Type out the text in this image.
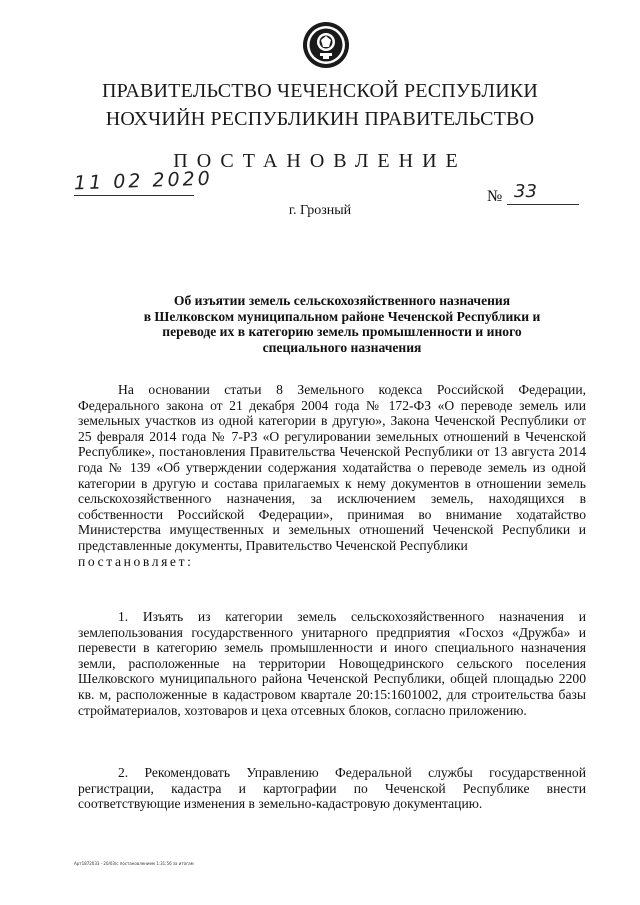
ПРАВИТЕЛЬСТВО ЧЕЧЕНСКОЙ РЕСПУБЛИКИ
НОХЧИЙН РЕСПУБЛИКИН ПРАВИТЕЛЬСТВО
ПОСТАНОВЛЕНИЕ
11 02 2020
№ 33
г. Грозный
Об изъятии земель сельскохозяйственного назначения
в Шелковском муниципальном районе Чеченской Республики и
переводе их в категорию земель промышленности и иного
специального назначения

На основании статьи 8 Земельного кодекса Российской Федерации, Федерального закона от 21 декабря 2004 года № 172-ФЗ «О переводе земель или земельных участков из одной категории в другую», Закона Чеченской Республики от 25 февраля 2014 года № 7-РЗ «О регулировании земельных отношений в Чеченской Республике», постановления Правительства Чеченской Республики от 13 августа 2014 года № 139 «Об утверждении содержания ходатайства о переводе земель из одной категории в другую и состава прилагаемых к нему документов в отношении земель сельскохозяйственного назначения, за исключением земель, находящихся в собственности Российской Федерации», принимая во внимание ходатайство Министерства имущественных и земельных отношений Чеченской Республики и представленные документы, Правительство Чеченской Республики

постановляет:

1. Изъять из категории земель сельскохозяйственного назначения и землепользования государственного унитарного предприятия «Госхоз «Дружба» и перевести в категорию земель промышленности и иного специального назначения земли, расположенные на территории Новощедринского сельского поселения Шелковского муниципального района Чеченской Республики, общей площадью 2200 кв. м, расположенные в кадастровом квартале 20:15:1601002, для строительства базы стройматериалов, хозтоваров и цеха отсевных блоков, согласно приложению.

2. Рекомендовать Управлению Федеральной службы государственной регистрации, кадастра и картографии по Чеченской Республике внести соответствующие изменения в земельно-кадастровую документацию.

Арт1872033 - 20/03/с постановлением 1:31:56 за итогам
